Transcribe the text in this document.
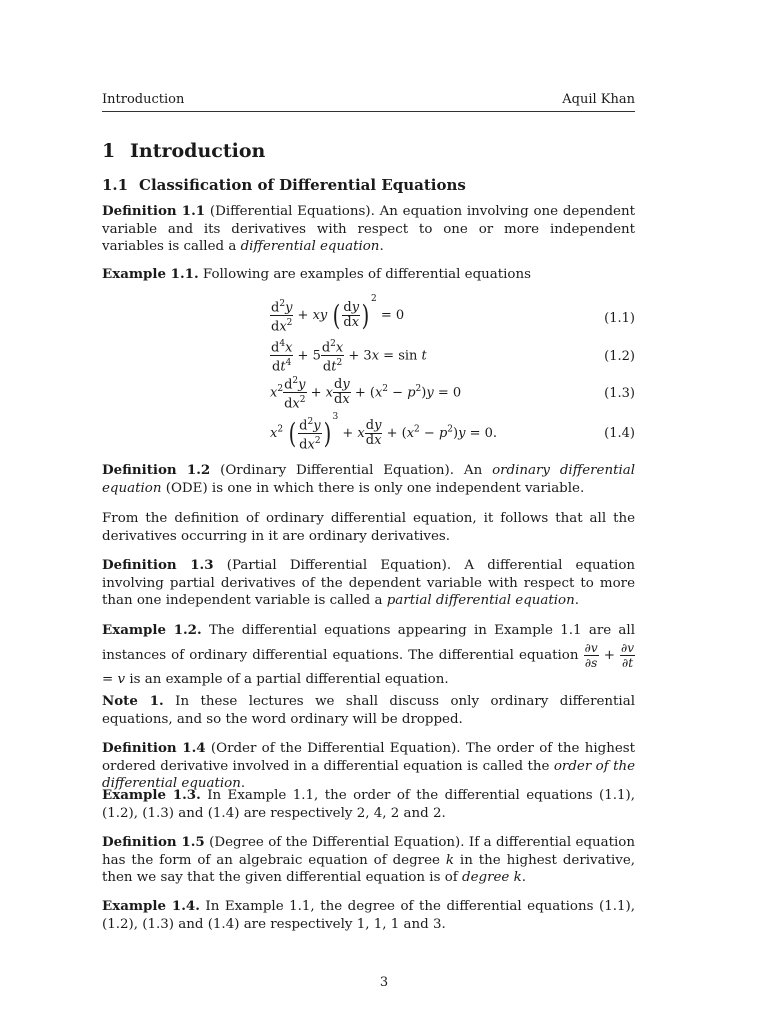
Introduction	Aquil Khan
1 Introduction
1.1 Classification of Differential Equations
Definition 1.1 (Differential Equations). An equation involving one dependent variable and its derivatives with respect to one or more independent variables is called a differential equation.
Example 1.1. Following are examples of differential equations
$\frac{d^2y}{dx^2}$ + xy ( $\frac{dy}{dx}$ ) $^2$ = 0	(1.1)
$\frac{d^4x}{dt^4} + 5 \frac{d^2x}{dt^2} + 3x = \sin t$	(1.2)
$x^2 \frac{d^2y}{dx^2} + x \frac{dy}{dx} + (x^2 - p^2)y = 0$	(1.3)
$x^2$ ( $\frac{d^2y}{dx^2}$ ) $^3$ + x $\frac{dy}{dx} + (x^2 - p^2)y = 0$.	(1.4)
Definition 1.2 (Ordinary Differential Equation). An ordinary differential equation (ODE) is one in which there is only one independent variable.
From the definition of ordinary differential equation, it follows that all the derivatives occurring in it are ordinary derivatives.
Definition 1.3 (Partial Differential Equation). A differential equation involving partial derivatives of the dependent variable with respect to more than one independent variable is called a partial differential equation.
Example 1.2. The differential equations appearing in Example 1.1 are all instances of ordinary differential equations. The differential equation $\frac{\partial v}{\partial s} + \frac{\partial v}{\partial t}$
= v is an example of a partial differential equation.
Note 1. In these lectures we shall discuss only ordinary differential equations, and so the word ordinary will be dropped.
Definition 1.4 (Order of the Differential Equation). The order of the highest ordered derivative involved in a differential equation is called the order of the differential equation.
Example 1.3. In Example 1.1, the order of the differential equations (1.1), (1.2), (1.3) and (1.4) are respectively 2, 4, 2 and 2.
Definition 1.5 (Degree of the Differential Equation). If a differential equation has the form of an algebraic equation of degree k in the highest derivative, then we say that the given differential equation is of degree k.
Example 1.4. In Example 1.1, the degree of the differential equations (1.1), (1.2), (1.3) and (1.4) are respectively 1, 1, 1 and 3.
3
